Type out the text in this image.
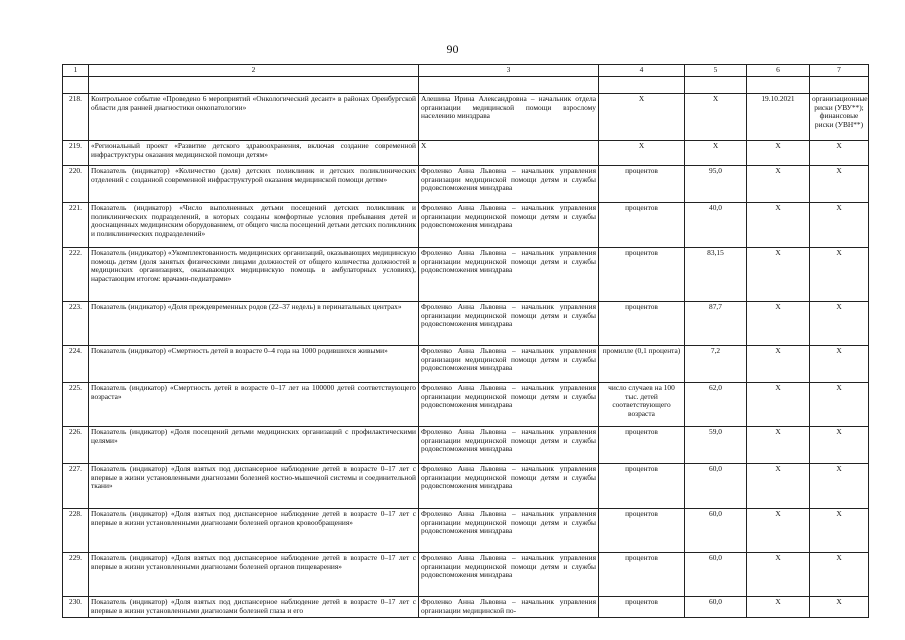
90
1	2	3	4	5	6	7

218.	Контрольное событие «Проведено 6 мероприятий «Онкологический десант» в районах Оренбургской области для ранней диагностики онкопатологии»	Алешина Ирина Александровна – начальник отдела организации медицинской помощи взрослому населению минздрава	X	X	19.10.2021	организационные риски (УВУ**); финансовые риски (УВН**)
219.	«Региональный проект «Развитие детского здравоохранения, включая создание современной инфраструктуры оказания медицинской помощи детям»	X	X	X	X	X
220.	Показатель (индикатор) «Количество (доля) детских поликлиник и детских поликлинических отделений с созданной современной инфраструктурой оказания медицинской помощи детям»	Фроленко Анна Львовна – начальник управления организации медицинской помощи детям и службы родовспоможения минздрава	процентов	95,0	X	X
221.	Показатель (индикатор) «Число выполненных детьми посещений детских поликлиник и поликлинических подразделений, в которых созданы комфортные условия пребывания детей и дооснащенных медицинским оборудованием, от общего числа посещений детьми детских поликлиник и поликлинических подразделений»	Фроленко Анна Львовна – начальник управления организации медицинской помощи детям и службы родовспоможения минздрава	процентов	40,0	X	X
222.	Показатель (индикатор) «Укомплектованность медицинских организаций, оказывающих медицинскую помощь детям (доля занятых физическими лицами должностей от общего количества должностей в медицинских организациях, оказывающих медицинскую помощь в амбулаторных условиях), нарастающим итогом: врачами-педиатрами»	Фроленко Анна Львовна – начальник управления организации медицинской помощи детям и службы родовспоможения минздрава	процентов	83,15	X	X
223.	Показатель (индикатор) «Доля преждевременных родов (22–37 недель) в перинатальных центрах»	Фроленко Анна Львовна – начальник управления организации медицинской помощи детям и службы родовспоможения минздрава	процентов	87,7	X	X
224.	Показатель (индикатор) «Смертность детей в возрасте 0–4 года на 1000 родившихся живыми»	Фроленко Анна Львовна – начальник управления организации медицинской помощи детям и службы родовспоможения минздрава	промилле (0,1 процента)	7,2	X	X
225.	Показатель (индикатор) «Смертность детей в возрасте 0–17 лет на 100000 детей соответствующего возраста»	Фроленко Анна Львовна – начальник управления организации медицинской помощи детям и службы родовспоможения минздрава	число случаев на 100 тыс. детей соответствующего возраста	62,0	X	X
226.	Показатель (индикатор) «Доля посещений детьми медицинских организаций с профилактическими целями»	Фроленко Анна Львовна – начальник управления организации медицинской помощи детям и службы родовспоможения минздрава	процентов	59,0	X	X
227.	Показатель (индикатор) «Доля взятых под диспансерное наблюдение детей в возрасте 0–17 лет с впервые в жизни установленными диагнозами болезней костно-мышечной системы и соединительной ткани»	Фроленко Анна Львовна – начальник управления организации медицинской помощи детям и службы родовспоможения минздрава	процентов	60,0	X	X
228.	Показатель (индикатор) «Доля взятых под диспансерное наблюдение детей в возрасте 0–17 лет с впервые в жизни установленными диагнозами болезней органов кровообращения»	Фроленко Анна Львовна – начальник управления организации медицинской помощи детям и службы родовспоможения минздрава	процентов	60,0	X	X
229.	Показатель (индикатор) «Доля взятых под диспансерное наблюдение детей в возрасте 0–17 лет с впервые в жизни установленными диагнозами болезней органов пищеварения»	Фроленко Анна Львовна – начальник управления организации медицинской помощи детям и службы родовспоможения минздрава	процентов	60,0	X	X
230.	Показатель (индикатор) «Доля взятых под диспансерное наблюдение детей в возрасте 0–17 лет с впервые в жизни установленными диагнозами болезней глаза и его	Фроленко Анна Львовна – начальник управления организации медицинской по-	процентов	60,0	X	X
